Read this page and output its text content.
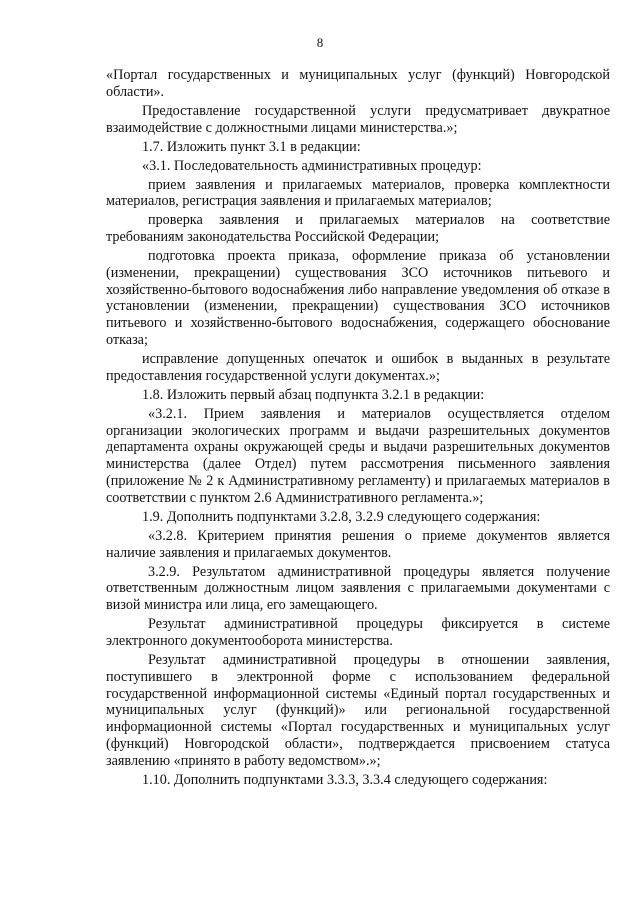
8

«Портал государственных и муниципальных услуг (функций) Новгородской области».

Предоставление государственной услуги предусматривает двукратное взаимодействие с должностными лицами министерства.»;

1.7. Изложить пункт 3.1 в редакции:

«3.1. Последовательность административных процедур:

прием заявления и прилагаемых материалов, проверка комплектности материалов, регистрация заявления и прилагаемых материалов;

проверка заявления и прилагаемых материалов на соответствие требованиям законодательства Российской Федерации;

подготовка проекта приказа, оформление приказа об установлении (изменении, прекращении) существования ЗСО источников питьевого и хозяйственно-бытового водоснабжения либо направление уведомления об отказе в установлении (изменении, прекращении) существования ЗСО источников питьевого и хозяйственно-бытового водоснабжения, содержащего обоснование отказа;

исправление допущенных опечаток и ошибок в выданных в результате предоставления государственной услуги документах.»;

1.8. Изложить первый абзац подпункта 3.2.1 в редакции:

«3.2.1. Прием заявления и материалов осуществляется отделом организации экологических программ и выдачи разрешительных документов департамента охраны окружающей среды и выдачи разрешительных документов министерства (далее Отдел) путем рассмотрения письменного заявления (приложение № 2 к Административному регламенту) и прилагаемых материалов в соответствии с пунктом 2.6 Административного регламента.»;

1.9. Дополнить подпунктами 3.2.8, 3.2.9 следующего содержания:

«3.2.8. Критерием принятия решения о приеме документов является наличие заявления и прилагаемых документов.

3.2.9. Результатом административной процедуры является получение ответственным должностным лицом заявления с прилагаемыми документами с визой министра или лица, его замещающего.

Результат административной процедуры фиксируется в системе электронного документооборота министерства.

Результат административной процедуры в отношении заявления, поступившего в электронной форме с использованием федеральной государственной информационной системы «Единый портал государственных и муниципальных услуг (функций)» или региональной государственной информационной системы «Портал государственных и муниципальных услуг (функций) Новгородской области», подтверждается присвоением статуса заявлению «принято в работу ведомством».»;

1.10. Дополнить подпунктами 3.3.3, 3.3.4 следующего содержания:
